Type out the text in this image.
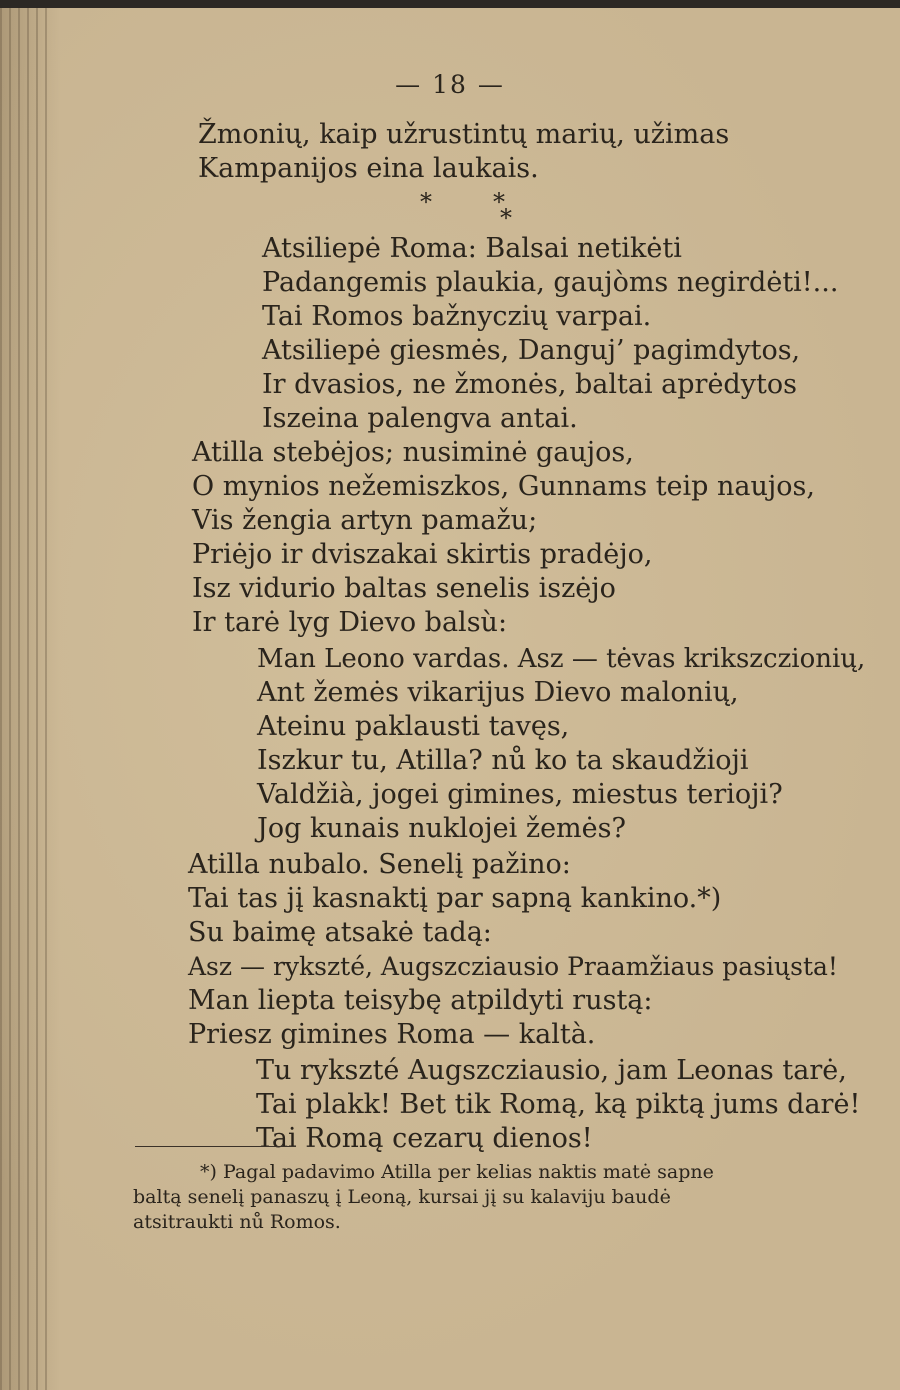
— 18 —
Žmonių, kaip užrustintų marių, užimas
Kampanijos eina laukais.
*        *
*
Atsiliepė Roma: Balsai netikėti
Padangemis plaukia, gaujòms negirdėti!...
Tai Romos bažnyczių varpai.
Atsiliepė giesmės, Danguj’ pagimdytos,
Ir dvasios, ne žmonės, baltai aprėdytos
Iszeina palengva antai.
Atilla stebėjos; nusiminė gaujos,
O mynios nežemiszkos, Gunnams teip naujos,
Vis žengia artyn pamažu;
Priėjo ir dviszakai skirtis pradėjo,
Isz vidurio baltas senelis iszėjo
Ir tarė lyg Dievo balsù:
Man Leono vardas. Asz — tėvas krikszczionių,
Ant žemės vikarijus Dievo malonių,
Ateinu paklausti tavęs,
Iszkur tu, Atilla? nů ko ta skaudžioji
Valdžià, jogei gimines, miestus terioji?
Jog kunais nuklojei žemės?
Atilla nubalo. Senelį pažino:
Tai tas jį kasnaktį par sapną kankino.*)
Su baimę atsakė tadą:
Asz — rykszté, Augszcziausio Praamžiaus pasiųsta!
Man liepta teisybę atpildyti rustą:
Priesz gimines Roma — kaltà.
Tu rykszté Augszcziausio, jam Leonas tarė,
Tai plakk! Bet tik Romą, ką piktą jums darė!
Tai Romą cezarų dienos!
*) Pagal padavimo Atilla per kelias naktis matė sapne
baltą senelį panaszų į Leoną, kursai jį su kalaviju baudė
atsitraukti nů Romos.
